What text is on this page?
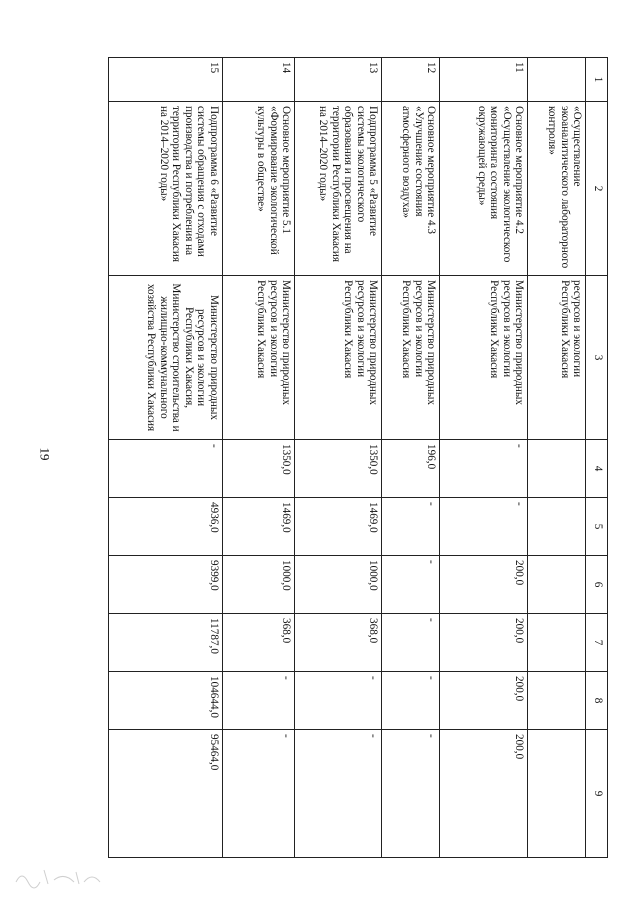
19
1	2	3	4	5	6	7	8	9
	«Осуществление экоаналитического лабораторного контроля»	ресурсов и экологии Республики Хакасия						
11	Основное мероприятие 4.2 «Осуществление экологического мониторинга состояния окружающей среды»	Министерство природных ресурсов и экологии Республики Хакасия	-	-	200,0	200,0	200,0	200,0
12	Основное мероприятие 4.3 «Улучшение состояния атмосферного воздуха»	Министерство природных ресурсов и экологии Республики Хакасия	196,0	-	-	-	-	-
13	Подпрограмма 5 «Развитие системы экологического образования и просвещения на территории Республики Хакасия на 2014–2020 годы»	Министерство природных ресурсов и экологии Республики Хакасия	1350,0	1469,0	1000,0	368,0	-	-
14	Основное мероприятие 5.1 «Формирование экологической культуры в обществе»	Министерство природных ресурсов и экологии Республики Хакасия	1350,0	1469,0	1000,0	368,0	-	-
15	Подпрограмма 6 «Развитие системы обращения с отходами производства и потребления на территории Республики Хакасия на 2014–2020 годы»	Министерство природных ресурсов и экологии Республики Хакасия, Министерство строительства и жилищно-коммунального хозяйства Республики Хакасия	-	4936,0	9399,0	11787,0	104644,0	95464,0
